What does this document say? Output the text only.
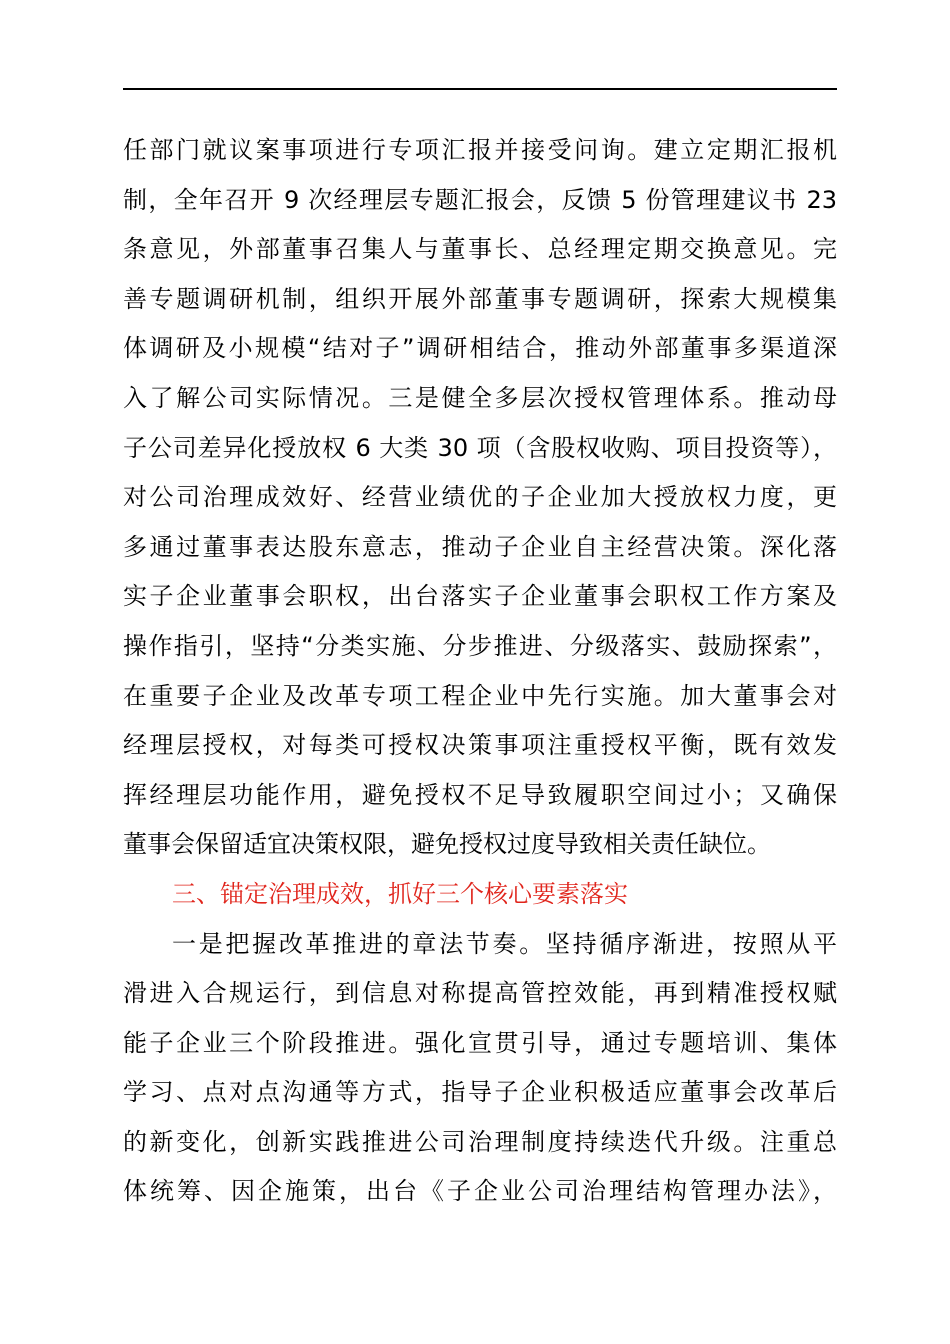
任部门就议案事项进行专项汇报并接受问询。建立定期汇报机
制，全年召开 9 次经理层专题汇报会，反馈 5 份管理建议书 23
条意见，外部董事召集人与董事长、总经理定期交换意见。完
善专题调研机制，组织开展外部董事专题调研，探索大规模集
体调研及小规模“结对子”调研相结合，推动外部董事多渠道深
入了解公司实际情况。三是健全多层次授权管理体系。推动母
子公司差异化授放权 6 大类 30 项（含股权收购、项目投资等），
对公司治理成效好、经营业绩优的子企业加大授放权力度，更
多通过董事表达股东意志，推动子企业自主经营决策。深化落
实子企业董事会职权，出台落实子企业董事会职权工作方案及
操作指引，坚持“分类实施、分步推进、分级落实、鼓励探索”，
在重要子企业及改革专项工程企业中先行实施。加大董事会对
经理层授权，对每类可授权决策事项注重授权平衡，既有效发
挥经理层功能作用，避免授权不足导致履职空间过小；又确保
董事会保留适宜决策权限，避免授权过度导致相关责任缺位。
三、锚定治理成效，抓好三个核心要素落实
一是把握改革推进的章法节奏。坚持循序渐进，按照从平
滑进入合规运行，到信息对称提高管控效能，再到精准授权赋
能子企业三个阶段推进。强化宣贯引导，通过专题培训、集体
学习、点对点沟通等方式，指导子企业积极适应董事会改革后
的新变化，创新实践推进公司治理制度持续迭代升级。注重总
体统筹、因企施策，出台《子企业公司治理结构管理办法》，
